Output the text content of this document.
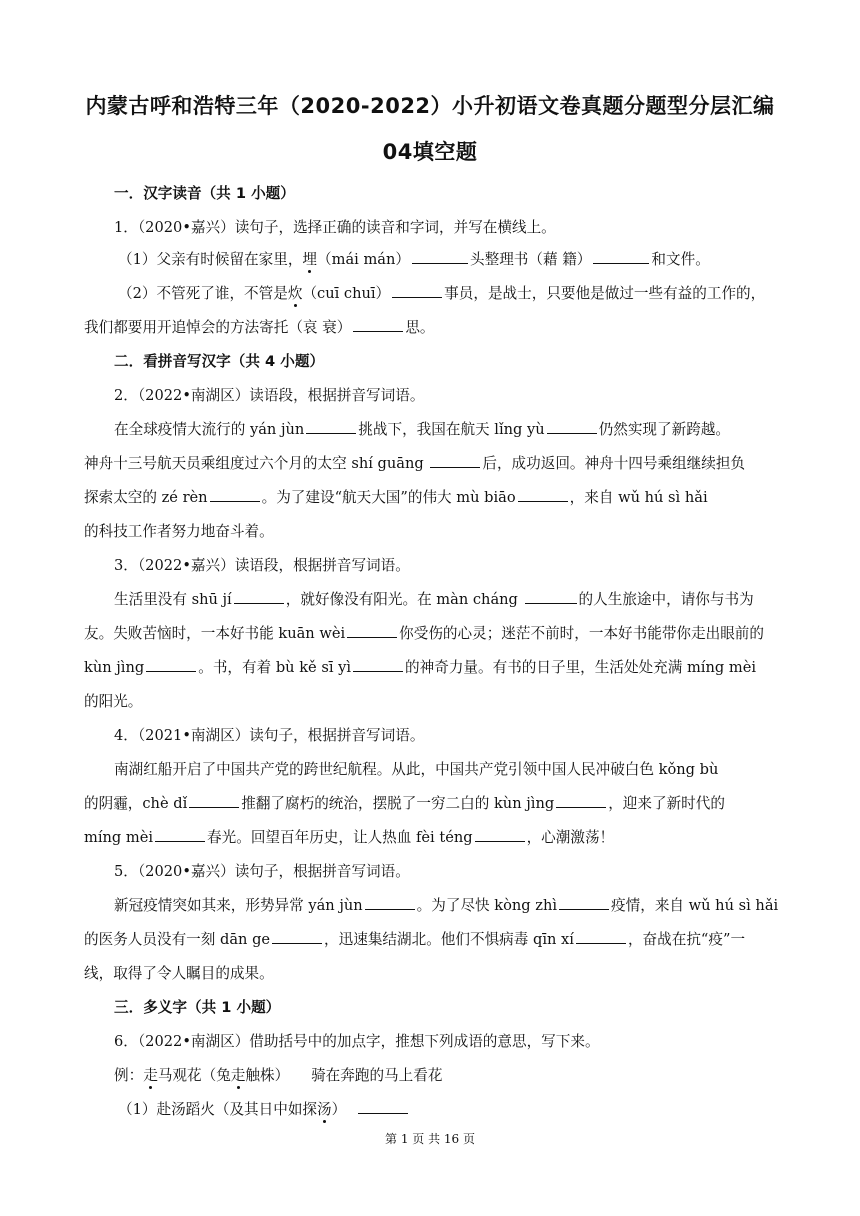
内蒙古呼和浩特三年（2020-2022）小升初语文卷真题分题型分层汇编
04填空题
一．汉字读音（共 1 小题）
1．（2020•嘉兴）读句子，选择正确的读音和字词，并写在横线上。
（1）父亲有时候留在家里，埋（mái mán）	头整理书（藉 籍）	和文件。
（2）不管死了谁，不管是炊（cuī chuī）	事员，是战士，只要他是做过一些有益的工作的，
我们都要用开追悼会的方法寄托（哀 衰）	思。
二．看拼音写汉字（共 4 小题）
2．（2022•南湖区）读语段，根据拼音写词语。
在全球疫情大流行的 yán jùn	挑战下，我国在航天 lǐng yù	仍然实现了新跨越。
神舟十三号航天员乘组度过六个月的太空 shí guāng	后，成功返回。神舟十四号乘组继续担负
探索太空的 zé rèn	。为了建设“航天大国”的伟大 mù biāo	，来自 wǔ hú sì hǎi
的科技工作者努力地奋斗着。
3．（2022•嘉兴）读语段，根据拼音写词语。
生活里没有 shū jí	，就好像没有阳光。在 màn cháng	的人生旅途中，请你与书为
友。失败苦恼时，一本好书能 kuān wèi	你受伤的心灵；迷茫不前时，一本好书能带你走出眼前的
kùn jìng	。书，有着 bù kě sī yì	的神奇力量。有书的日子里，生活处处充满 míng mèi
的阳光。
4．（2021•南湖区）读句子，根据拼音写词语。
南湖红船开启了中国共产党的跨世纪航程。从此，中国共产党引领中国人民冲破白色 kǒng bù
的阴霾，chè dǐ	推翻了腐朽的统治，摆脱了一穷二白的 kùn jìng	，迎来了新时代的
míng mèi	春光。回望百年历史，让人热血 fèi téng	，心潮激荡！
5．（2020•嘉兴）读句子，根据拼音写词语。
新冠疫情突如其来，形势异常 yán jùn	。为了尽快 kòng zhì	疫情，来自 wǔ hú sì hǎi
的医务人员没有一刻 dān ge	，迅速集结湖北。他们不惧病毒 qīn xí	，奋战在抗“疫”一
线，取得了令人瞩目的成果。
三．多义字（共 1 小题）
6．（2022•南湖区）借助括号中的加点字，推想下列成语的意思，写下来。
例：走马观花（兔走触株）　　骑在奔跑的马上看花
（1）赴汤蹈火（及其日中如探汤）
第 1 页 共 16 页
